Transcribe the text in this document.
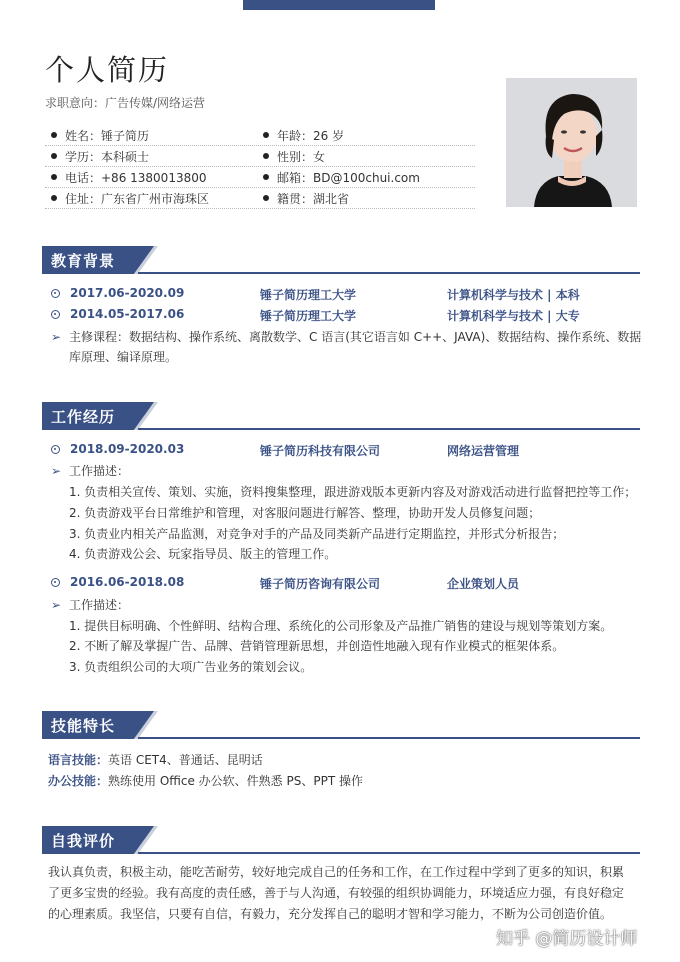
个人简历
求职意向：广告传媒/网络运营
姓名：锤子简历	年龄：26 岁
学历：本科硕士	性别：女
电话：+86 1380013800	邮箱：BD@100chui.com
住址：广东省广州市海珠区	籍贯：湖北省
教育背景
2017.06-2020.09	锤子简历理工大学	计算机科学与技术 | 本科
2014.05-2017.06	锤子简历理工大学	计算机科学与技术 | 大专
➢ 主修课程：数据结构、操作系统、离散数学、C 语言(其它语言如 C++、JAVA)、数据结构、操作系统、数据
库原理、编译原理。
工作经历
2018.09-2020.03	锤子简历科技有限公司	网络运营管理
➢ 工作描述：
1. 负责相关宣传、策划、实施，资料搜集整理，跟进游戏版本更新内容及对游戏活动进行监督把控等工作；
2. 负责游戏平台日常维护和管理，对客服问题进行解答、整理，协助开发人员修复问题；
3. 负责业内相关产品监测，对竞争对手的产品及同类新产品进行定期监控，并形式分析报告；
4. 负责游戏公会、玩家指导员、版主的管理工作。
2016.06-2018.08	锤子简历咨询有限公司	企业策划人员
➢ 工作描述：
1. 提供目标明确、个性鲜明、结构合理、系统化的公司形象及产品推广销售的建设与规划等策划方案。
2. 不断了解及掌握广告、品牌、营销管理新思想，并创造性地融入现有作业模式的框架体系。
3. 负责组织公司的大项广告业务的策划会议。
技能特长
语言技能：英语 CET4、普通话、昆明话
办公技能：熟练使用 Office 办公软、件熟悉 PS、PPT 操作
自我评价
我认真负责，积极主动，能吃苦耐劳，较好地完成自己的任务和工作，在工作过程中学到了更多的知识，积累
了更多宝贵的经验。我有高度的责任感，善于与人沟通，有较强的组织协调能力，环境适应力强，有良好稳定
的心理素质。我坚信，只要有自信，有毅力，充分发挥自己的聪明才智和学习能力，不断为公司创造价值。
知乎 @简历设计师
